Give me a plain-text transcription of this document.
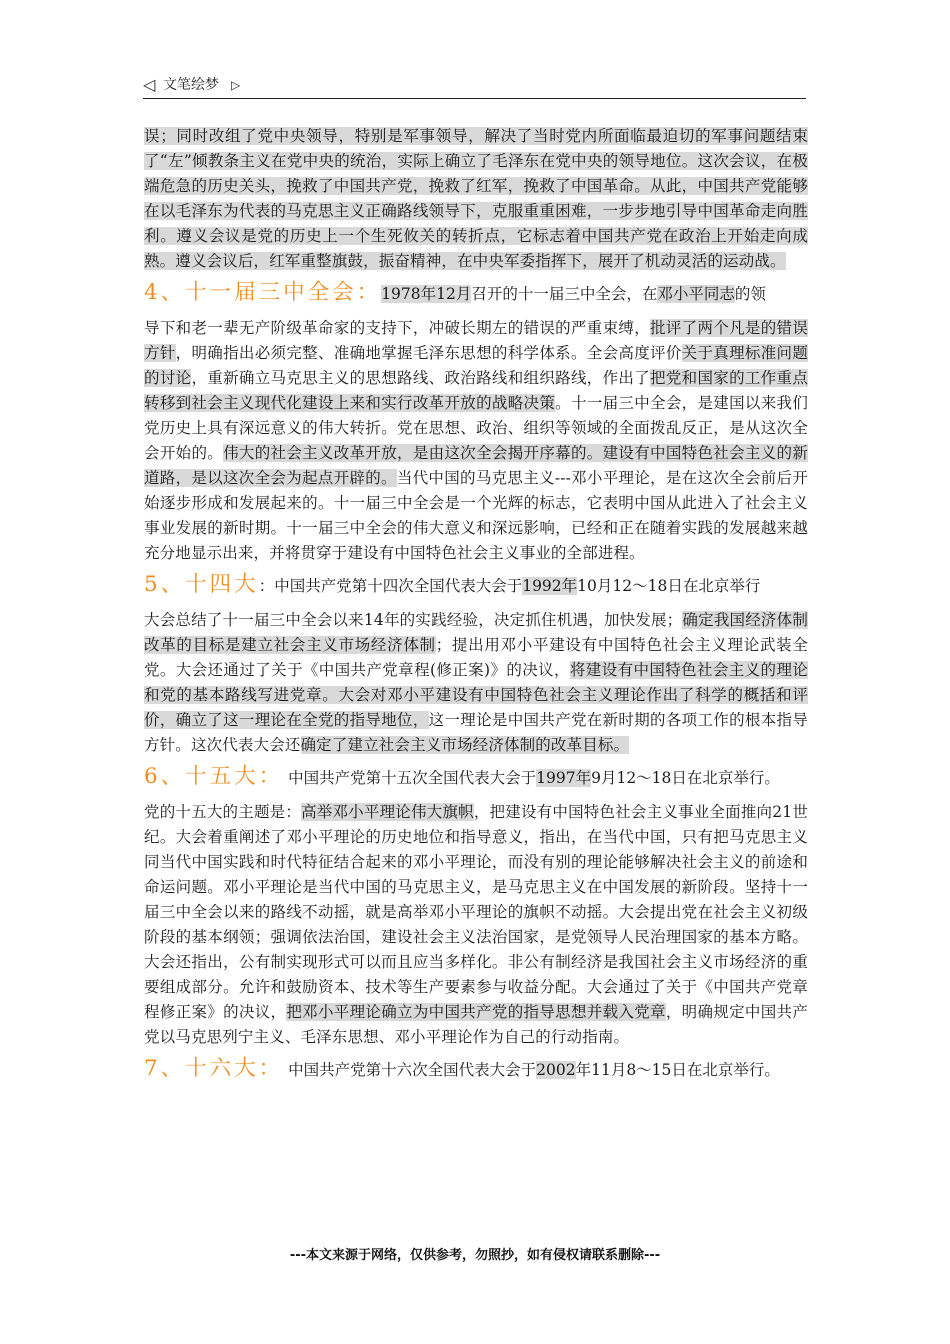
◁ 文笔绘梦 ▷

误；同时改组了党中央领导，特别是军事领导，解决了当时党内所面临最迫切的军事问题结束了“左”倾教条主义在党中央的统治，实际上确立了毛泽东在党中央的领导地位。这次会议，在极端危急的历史关头，挽救了中国共产党，挽救了红军，挽救了中国革命。从此，中国共产党能够在以毛泽东为代表的马克思主义正确路线领导下，克服重重困难，一步步地引导中国革命走向胜利。遵义会议是党的历史上一个生死攸关的转折点，它标志着中国共产党在政治上开始走向成熟。遵义会议后，红军重整旗鼓，振奋精神，在中央军委指挥下，展开了机动灵活的运动战。

4、十一届三中全会：1978年12月召开的十一届三中全会，在邓小平同志的领

导下和老一辈无产阶级革命家的支持下，冲破长期左的错误的严重束缚，批评了两个凡是的错误方针，明确指出必须完整、准确地掌握毛泽东思想的科学体系。全会高度评价关于真理标准问题的讨论，重新确立马克思主义的思想路线、政治路线和组织路线，作出了把党和国家的工作重点转移到社会主义现代化建设上来和实行改革开放的战略决策。十一届三中全会，是建国以来我们党历史上具有深远意义的伟大转折。党在思想、政治、组织等领域的全面拨乱反正，是从这次全会开始的。伟大的社会主义改革开放，是由这次全会揭开序幕的。建设有中国特色社会主义的新道路，是以这次全会为起点开辟的。当代中国的马克思主义---邓小平理论，是在这次全会前后开始逐步形成和发展起来的。十一届三中全会是一个光辉的标志，它表明中国从此进入了社会主义事业发展的新时期。十一届三中全会的伟大意义和深远影响，已经和正在随着实践的发展越来越充分地显示出来，并将贯穿于建设有中国特色社会主义事业的全部进程。

5、十四大：中国共产党第十四次全国代表大会于1992年10月12～18日在北京举行

大会总结了十一届三中全会以来14年的实践经验，决定抓住机遇，加快发展；确定我国经济体制改革的目标是建立社会主义市场经济体制；提出用邓小平建设有中国特色社会主义理论武装全党。大会还通过了关于《中国共产党章程(修正案)》的决议，将建设有中国特色社会主义的理论和党的基本路线写进党章。大会对邓小平建设有中国特色社会主义理论作出了科学的概括和评价，确立了这一理论在全党的指导地位，这一理论是中国共产党在新时期的各项工作的根本指导方针。这次代表大会还确定了建立社会主义市场经济体制的改革目标。

6、十五大： 中国共产党第十五次全国代表大会于1997年9月12～18日在北京举行。

党的十五大的主题是：高举邓小平理论伟大旗帜，把建设有中国特色社会主义事业全面推向21世纪。大会着重阐述了邓小平理论的历史地位和指导意义，指出，在当代中国，只有把马克思主义同当代中国实践和时代特征结合起来的邓小平理论，而没有别的理论能够解决社会主义的前途和命运问题。邓小平理论是当代中国的马克思主义，是马克思主义在中国发展的新阶段。坚持十一届三中全会以来的路线不动摇，就是高举邓小平理论的旗帜不动摇。大会提出党在社会主义初级阶段的基本纲领；强调依法治国，建设社会主义法治国家，是党领导人民治理国家的基本方略。大会还指出，公有制实现形式可以而且应当多样化。非公有制经济是我国社会主义市场经济的重要组成部分。允许和鼓励资本、技术等生产要素参与收益分配。大会通过了关于《中国共产党章程修正案》的决议，把邓小平理论确立为中国共产党的指导思想并载入党章，明确规定中国共产党以马克思列宁主义、毛泽东思想、邓小平理论作为自己的行动指南。

7、十六大： 中国共产党第十六次全国代表大会于2002年11月8～15日在北京举行。
---本文来源于网络，仅供参考，勿照抄，如有侵权请联系删除---
